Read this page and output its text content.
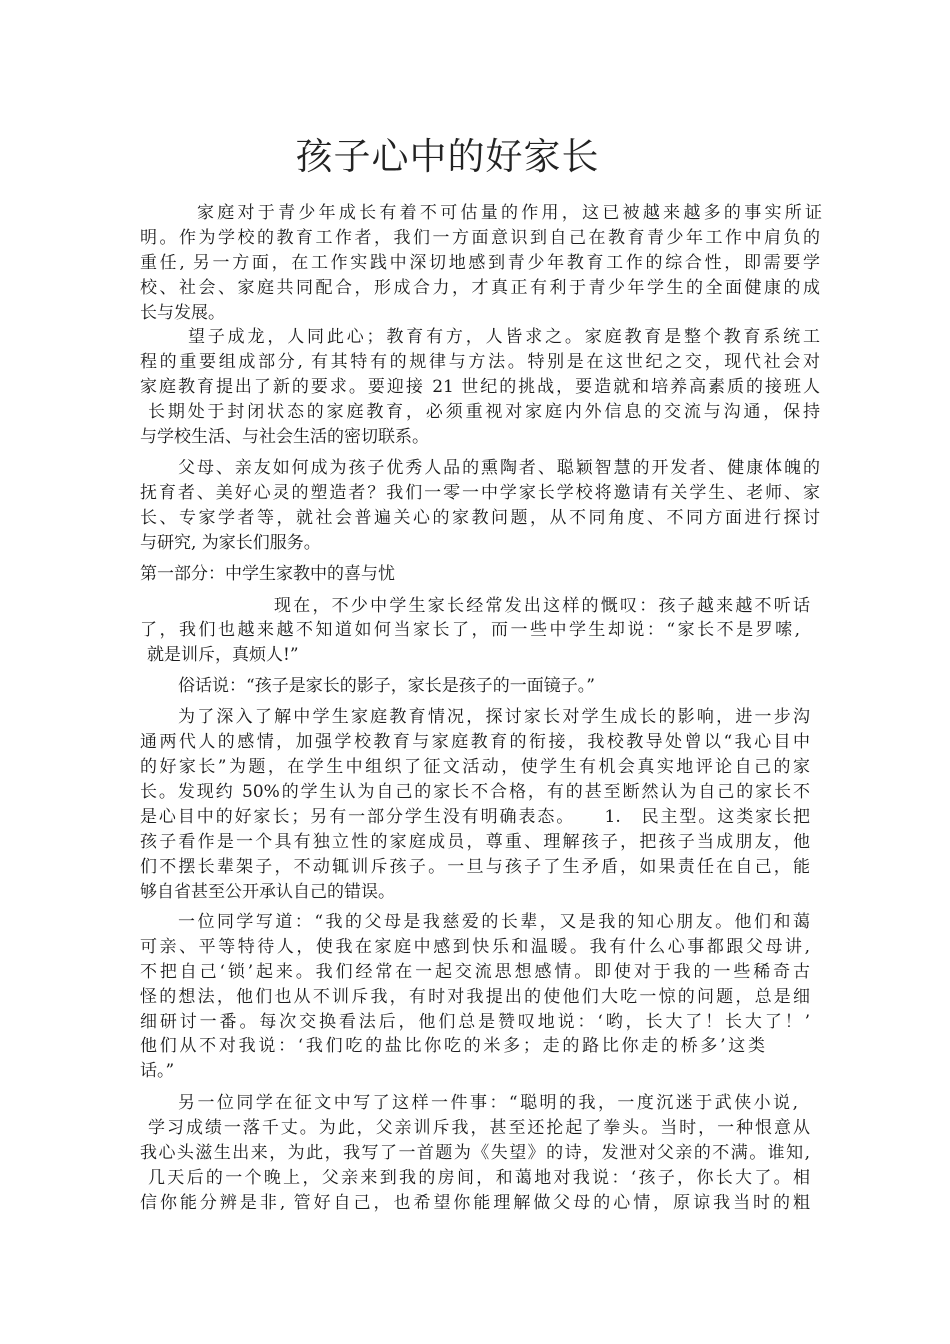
孩子心中的好家长
家庭对于青少年成长有着不可估量的作用，这已被越来越多的事实所证
明。作为学校的教育工作者，我们一方面意识到自己在教育青少年工作中肩负的
重任, 另一方面，在工作实践中深切地感到青少年教育工作的综合性，即需要学
校、社会、家庭共同配合，形成合力，才真正有利于青少年学生的全面健康的成
长与发展。
望子成龙，人同此心；教育有方，人皆求之。家庭教育是整个教育系统工
程的重要组成部分, 有其特有的规律与方法。特别是在这世纪之交，现代社会对
家庭教育提出了新的要求。要迎接 21 世纪的挑战，要造就和培养高素质的接班人
长期处于封闭状态的家庭教育，必须重视对家庭内外信息的交流与沟通，保持
与学校生活、与社会生活的密切联系。
父母、亲友如何成为孩子优秀人品的熏陶者、聪颖智慧的开发者、健康体魄的
抚育者、美好心灵的塑造者？我们一零一中学家长学校将邀请有关学生、老师、家
长、专家学者等，就社会普遍关心的家教问题，从不同角度、不同方面进行探讨
与研究, 为家长们服务。
第一部分：中学生家教中的喜与忧
现在，不少中学生家长经常发出这样的慨叹：孩子越来越不听话
了，我们也越来越不知道如何当家长了，而一些中学生却说：“家长不是罗嗦,
就是训斥，真烦人!”
俗话说：“孩子是家长的影子，家长是孩子的一面镜子。”
为了深入了解中学生家庭教育情况，探讨家长对学生成长的影响，进一步沟
通两代人的感情，加强学校教育与家庭教育的衔接，我校教导处曾以“我心目中
的好家长”为题，在学生中组织了征文活动，使学生有机会真实地评论自己的家
长。发现约 50%的学生认为自己的家长不合格，有的甚至断然认为自己的家长不
是心目中的好家长；另有一部分学生没有明确表态。　　1.　民主型。这类家长把
孩子看作是一个具有独立性的家庭成员，尊重、理解孩子，把孩子当成朋友，他
们不摆长辈架子，不动辄训斥孩子。一旦与孩子了生矛盾，如果责任在自己，能
够自省甚至公开承认自己的错误。
一位同学写道：“我的父母是我慈爱的长辈，又是我的知心朋友。他们和蔼
可亲、平等特待人，使我在家庭中感到快乐和温暖。我有什么心事都跟父母讲,
不把自己‘锁’起来。我们经常在一起交流思想感情。即使对于我的一些稀奇古
怪的想法，他们也从不训斥我，有时对我提出的使他们大吃一惊的问题，总是细
细研讨一番。每次交换看法后，他们总是赞叹地说：‘哟，长大了！长大了！’
他们从不对我说：‘我们吃的盐比你吃的米多；走的路比你走的桥多’这类
话。”
另一位同学在征文中写了这样一件事：“聪明的我，一度沉迷于武侠小说,
学习成绩一落千丈。为此，父亲训斥我，甚至还抡起了拳头。当时，一种恨意从
我心头滋生出来，为此，我写了一首题为《失望》的诗，发泄对父亲的不满。谁知,
几天后的一个晚上，父亲来到我的房间，和蔼地对我说：‘孩子，你长大了。相
信你能分辨是非, 管好自己，也希望你能理解做父母的心情，原谅我当时的粗
